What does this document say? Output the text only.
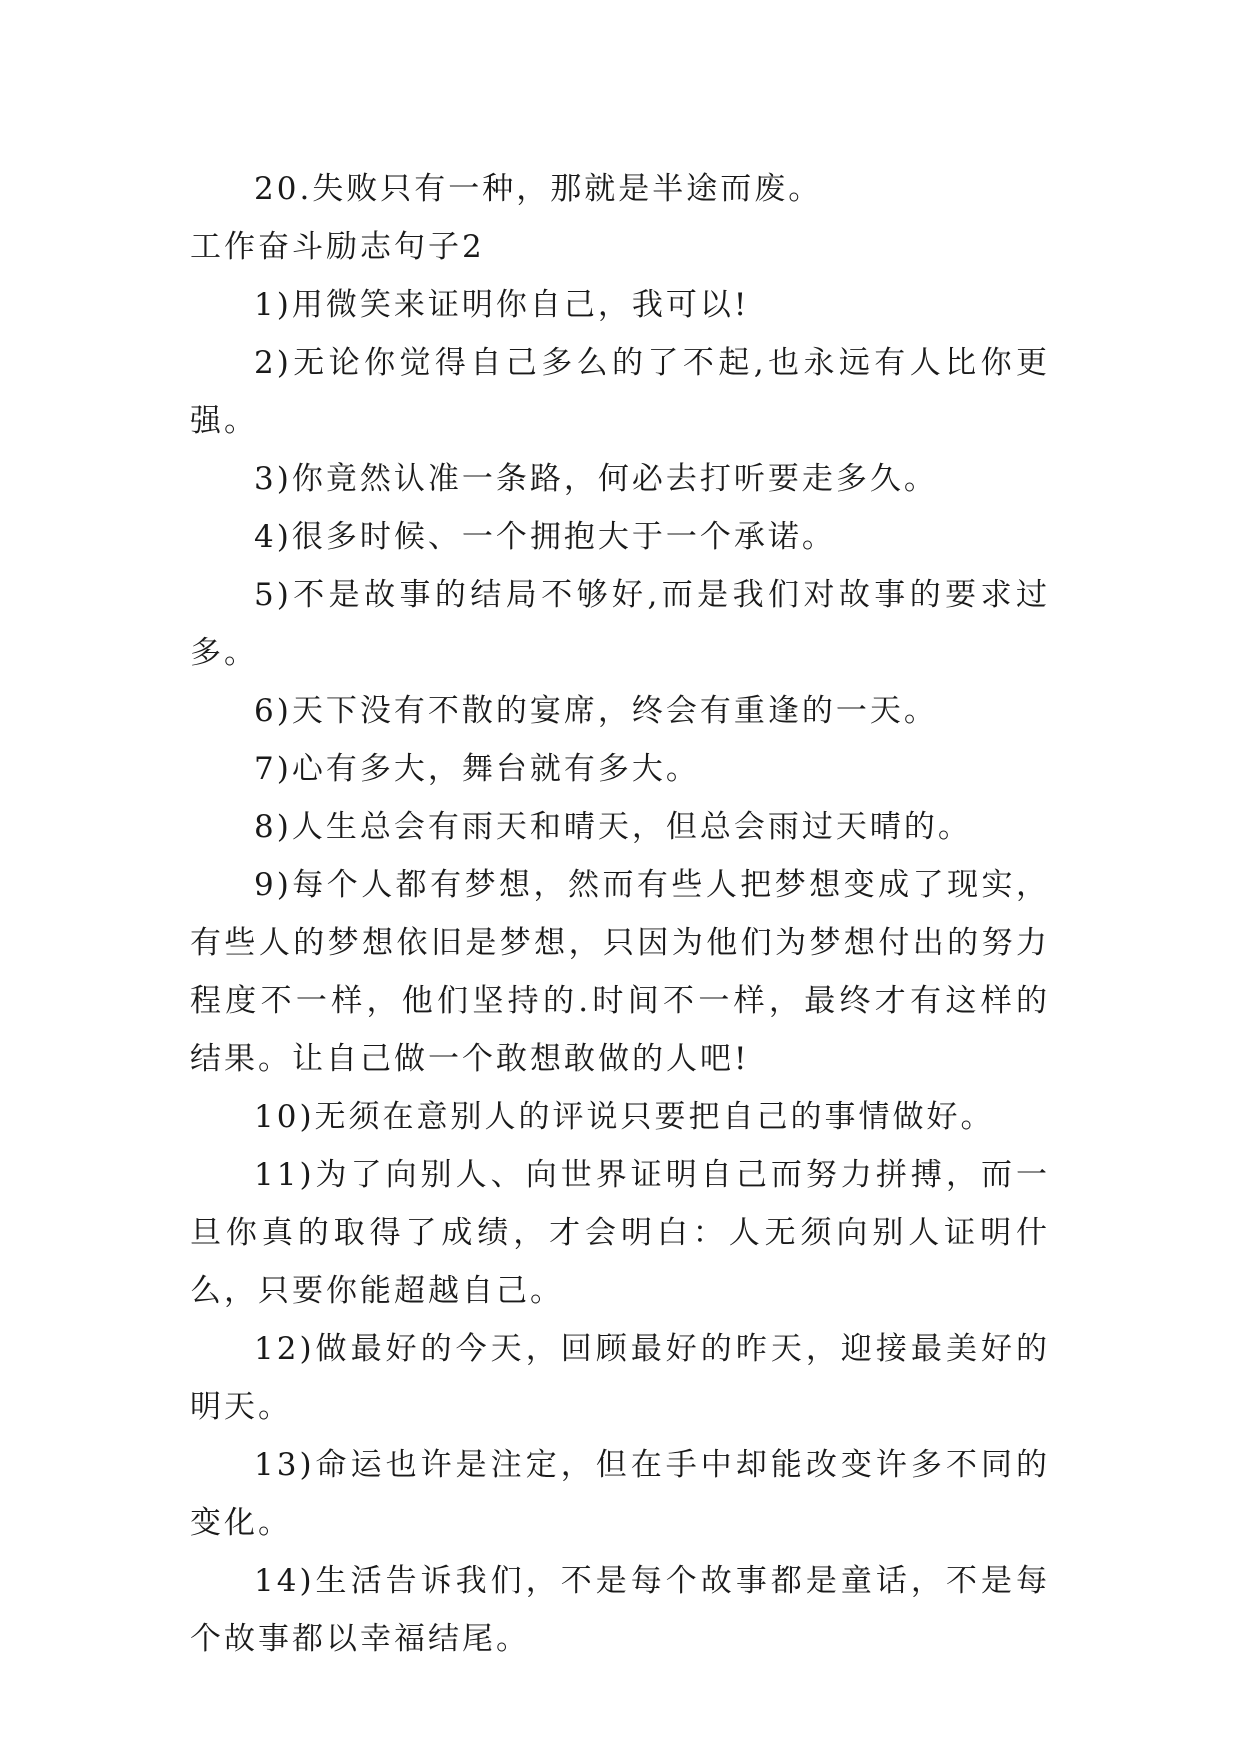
20.失败只有一种，那就是半途而废。

工作奋斗励志句子2

1)用微笑来证明你自己，我可以!

2)无论你觉得自己多么的了不起,也永远有人比你更强。

3)你竟然认准一条路，何必去打听要走多久。

4)很多时候、一个拥抱大于一个承诺。

5)不是故事的结局不够好,而是我们对故事的要求过多。

6)天下没有不散的宴席，终会有重逢的一天。

7)心有多大，舞台就有多大。

8)人生总会有雨天和晴天，但总会雨过天晴的。

9)每个人都有梦想，然而有些人把梦想变成了现实，有些人的梦想依旧是梦想，只因为他们为梦想付出的努力程度不一样，他们坚持的.时间不一样，最终才有这样的结果。让自己做一个敢想敢做的人吧!

10)无须在意别人的评说只要把自己的事情做好。

11)为了向别人、向世界证明自己而努力拼搏，而一旦你真的取得了成绩，才会明白：人无须向别人证明什么，只要你能超越自己。

12)做最好的今天，回顾最好的昨天，迎接最美好的明天。

13)命运也许是注定，但在手中却能改变许多不同的变化。

14)生活告诉我们，不是每个故事都是童话，不是每个故事都以幸福结尾。
